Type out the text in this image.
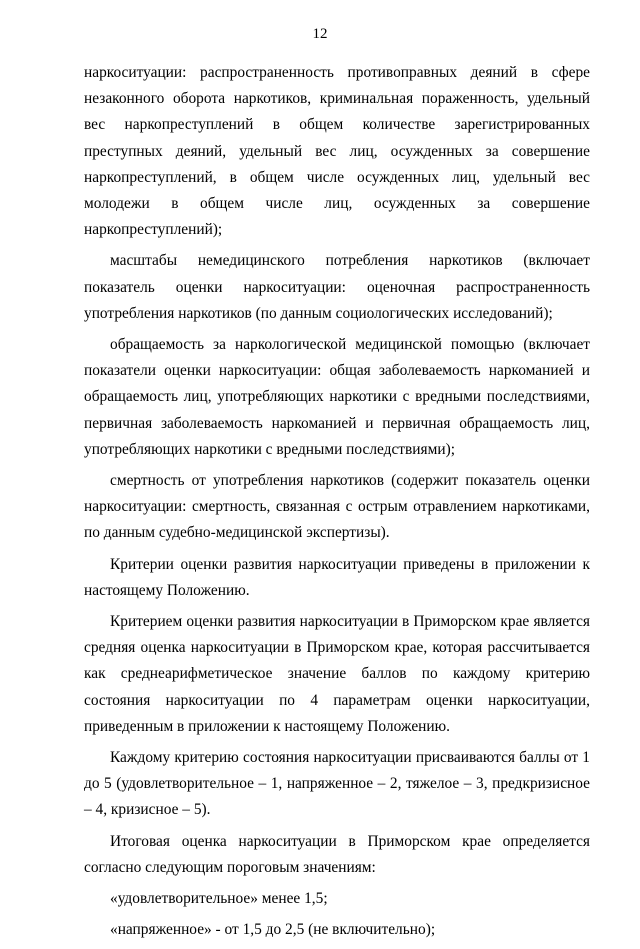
12

наркоситуации: распространенность противоправных деяний в сфере незаконного оборота наркотиков, криминальная пораженность, удельный вес наркопреступлений в общем количестве зарегистрированных преступных деяний, удельный вес лиц, осужденных за совершение наркопреступлений, в общем числе осужденных лиц, удельный вес молодежи в общем числе лиц, осужденных за совершение наркопреступлений);

масштабы немедицинского потребления наркотиков (включает показатель оценки наркоситуации: оценочная распространенность употребления наркотиков (по данным социологических исследований);

обращаемость за наркологической медицинской помощью (включает показатели оценки наркоситуации: общая заболеваемость наркоманией и обращаемость лиц, употребляющих наркотики с вредными последствиями, первичная заболеваемость наркоманией и первичная обращаемость лиц, употребляющих наркотики с вредными последствиями);

смертность от употребления наркотиков (содержит показатель оценки наркоситуации: смертность, связанная с острым отравлением наркотиками, по данным судебно-медицинской экспертизы).

Критерии оценки развития наркоситуации приведены в приложении к настоящему Положению.

Критерием оценки развития наркоситуации в Приморском крае является средняя оценка наркоситуации в Приморском крае, которая рассчитывается как среднеарифметическое значение баллов по каждому критерию состояния наркоситуации по 4 параметрам оценки наркоситуации, приведенным в приложении к настоящему Положению.

Каждому критерию состояния наркоситуации присваиваются баллы от 1 до 5 (удовлетворительное – 1, напряженное – 2, тяжелое – 3, предкризисное – 4, кризисное – 5).

Итоговая оценка наркоситуации в Приморском крае определяется согласно следующим пороговым значениям:

«удовлетворительное» менее 1,5;

«напряженное» - от 1,5 до 2,5 (не включительно);
